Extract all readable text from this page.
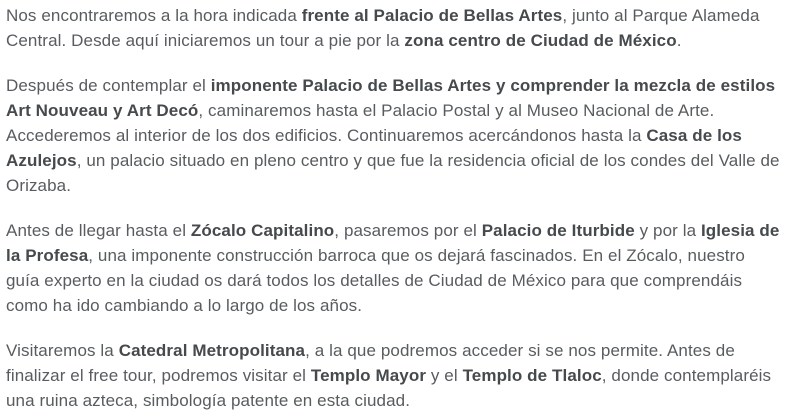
Nos encontraremos a la hora indicada frente al Palacio de Bellas Artes, junto al Parque Alameda Central. Desde aquí iniciaremos un tour a pie por la zona centro de Ciudad de México.

Después de contemplar el imponente Palacio de Bellas Artes y comprender la mezcla de estilos Art Nouveau y Art Decó, caminaremos hasta el Palacio Postal y al Museo Nacional de Arte. Accederemos al interior de los dos edificios. Continuaremos acercándonos hasta la Casa de los Azulejos, un palacio situado en pleno centro y que fue la residencia oficial de los condes del Valle de Orizaba.

Antes de llegar hasta el Zócalo Capitalino, pasaremos por el Palacio de Iturbide y por la Iglesia de la Profesa, una imponente construcción barroca que os dejará fascinados. En el Zócalo, nuestro guía experto en la ciudad os dará todos los detalles de Ciudad de México para que comprendáis como ha ido cambiando a lo largo de los años.

Visitaremos la Catedral Metropolitana, a la que podremos acceder si se nos permite. Antes de finalizar el free tour, podremos visitar el Templo Mayor y el Templo de Tlaloc, donde contemplaréis una ruina azteca, simbología patente en esta ciudad.
